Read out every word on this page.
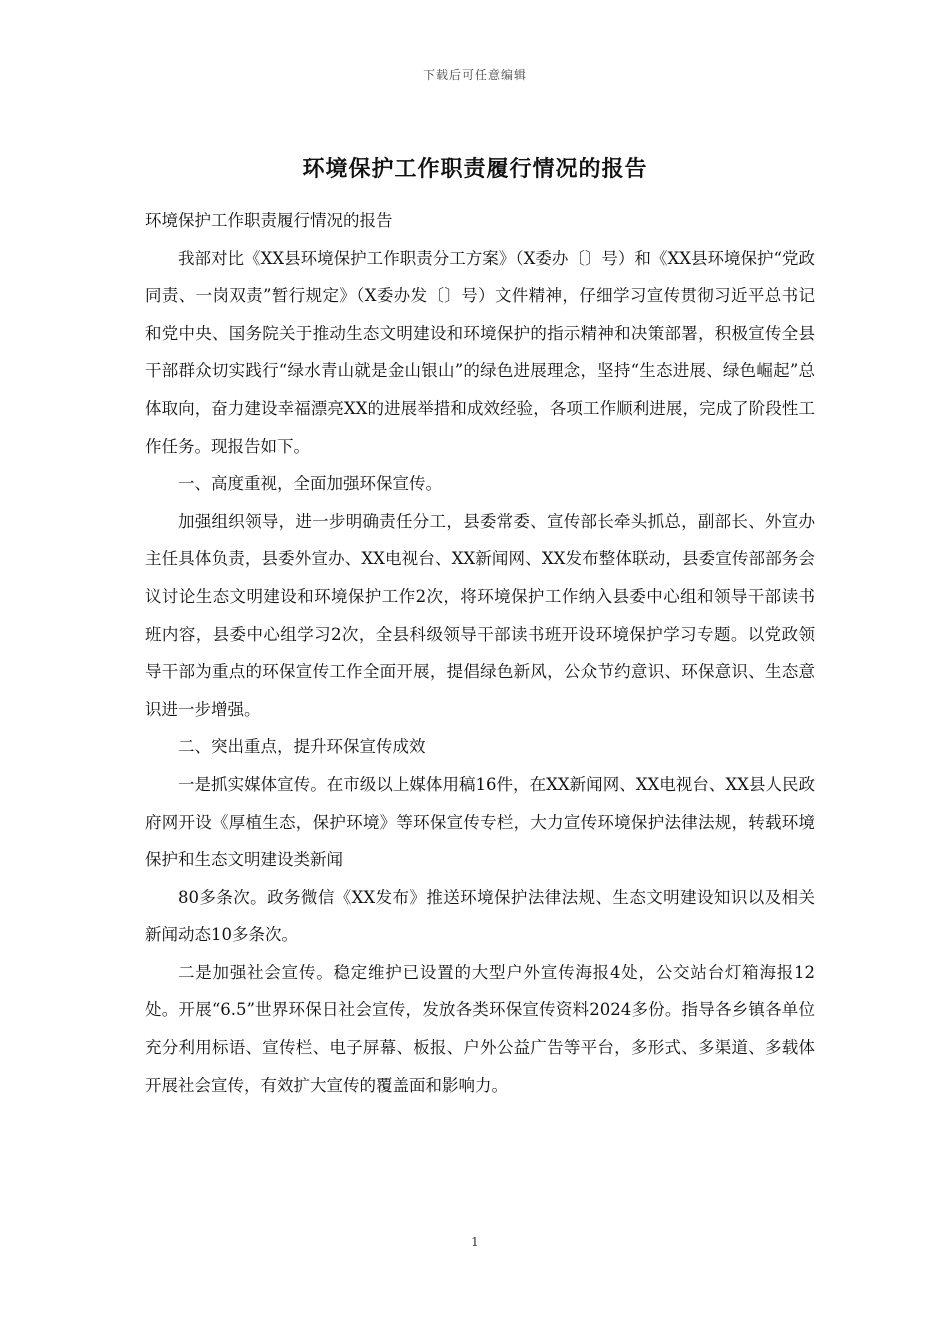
下载后可任意编辑
环境保护工作职责履行情况的报告

环境保护工作职责履行情况的报告

我部对比《XX县环境保护工作职责分工方案》（X委办〔〕号）和《XX县环境保护“党政同责、一岗双责”暂行规定》（X委办发〔〕号）文件精神，仔细学习宣传贯彻习近平总书记和党中央、国务院关于推动生态文明建设和环境保护的指示精神和决策部署，积极宣传全县干部群众切实践行“绿水青山就是金山银山”的绿色进展理念，坚持“生态进展、绿色崛起”总体取向，奋力建设幸福漂亮XX的进展举措和成效经验，各项工作顺利进展，完成了阶段性工作任务。现报告如下。

一、高度重视，全面加强环保宣传。

加强组织领导，进一步明确责任分工，县委常委、宣传部长牵头抓总，副部长、外宣办主任具体负责，县委外宣办、XX电视台、XX新闻网、XX发布整体联动，县委宣传部部务会议讨论生态文明建设和环境保护工作2次，将环境保护工作纳入县委中心组和领导干部读书班内容，县委中心组学习2次，全县科级领导干部读书班开设环境保护学习专题。以党政领导干部为重点的环保宣传工作全面开展，提倡绿色新风，公众节约意识、环保意识、生态意识进一步增强。

二、突出重点，提升环保宣传成效

一是抓实媒体宣传。在市级以上媒体用稿16件，在XX新闻网、XX电视台、XX县人民政府网开设《厚植生态，保护环境》等环保宣传专栏，大力宣传环境保护法律法规，转载环境保护和生态文明建设类新闻

80多条次。政务微信《XX发布》推送环境保护法律法规、生态文明建设知识以及相关新闻动态10多条次。

二是加强社会宣传。稳定维护已设置的大型户外宣传海报4处，公交站台灯箱海报12处。开展“6.5”世界环保日社会宣传，发放各类环保宣传资料2024多份。指导各乡镇各单位充分利用标语、宣传栏、电子屏幕、板报、户外公益广告等平台，多形式、多渠道、多载体开展社会宣传，有效扩大宣传的覆盖面和影响力。

1
